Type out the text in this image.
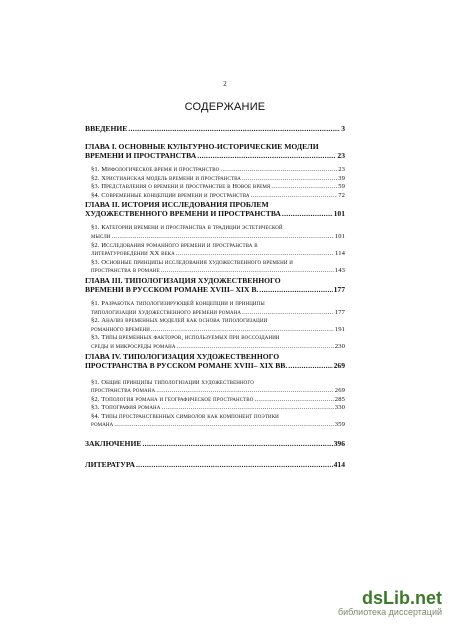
2
СОДЕРЖАНИЕ
ВВЕДЕНИЕ .....	3
ГЛАВА I. ОСНОВНЫЕ КУЛЬТУРНО-ИСТОРИЧЕСКИЕ МОДЕЛИ
ВРЕМЕНИ И ПРОСТРАНСТВА .....	23
§1. Мифологическое время и пространство .....	23
§2. Христианская модель времени и пространства .....	39
§3. Представления о времени и пространстве в Новое время .....	59
§4. Современные концепции времени и пространства .....	72
ГЛАВА II. ИСТОРИЯ ИССЛЕДОВАНИЯ ПРОБЛЕМ
ХУДОЖЕСТВЕННОГО ВРЕМЕНИ И ПРОСТРАНСТВА .....	101
§1. Категории времени и пространства в традиции эстетической
мысли .....	101
§2. Исследования романного времени и пространства в
литературоведении XX века .....	114
§3. Основные принципы исследования художественного времени и
пространства в романе .....	143
ГЛАВА III. ТИПОЛОГИЗАЦИЯ ХУДОЖЕСТВЕННОГО
ВРЕМЕНИ В РУССКОМ РОМАНЕ XVIII– XIX В. .....	177
§1. Разработка типологизирующей концепции и принципы
типологизации художественного времени романа .....	177
§2. Анализ временных моделей как основа типологизации
романного времени .....	191
§3. Типы временных факторов, используемых при воссоздании
среды и микросреды романа .....	230
ГЛАВА IV. ТИПОЛОГИЗАЦИЯ ХУДОЖЕСТВЕННОГО
ПРОСТРАНСТВА В РУССКОМ РОМАНЕ XVIII– XIX ВВ. .....	269
§1. Общие принципы типологизации художественного
пространства романа .....	269
§2. Топология романа и географическое пространство .....	285
§3. Топография романа .....	330
§4. Типы пространственных символов как компонент поэтики
романа .....	359
ЗАКЛЮЧЕНИЕ .....	396
ЛИТЕРАТУРА .....	414
dsLib.net
библиотека диссертаций
